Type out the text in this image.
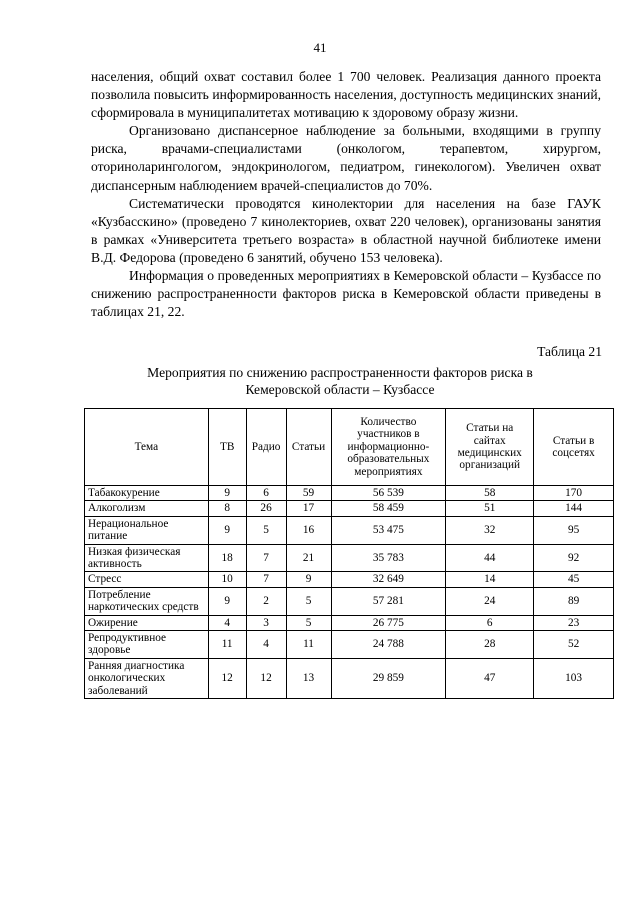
41

населения, общий охват составил более 1 700 человек. Реализация данного проекта позволила повысить информированность населения, доступность медицинских знаний, сформировала в муниципалитетах мотивацию к здоровому образу жизни.

Организовано диспансерное наблюдение за больными, входящими в группу риска, врачами-специалистами (онкологом, терапевтом, хирургом, оториноларингологом, эндокринологом, педиатром, гинекологом). Увеличен охват диспансерным наблюдением врачей-специалистов до 70%.

Систематически проводятся кинолектории для населения на базе ГАУК «Кузбасскино» (проведено 7 кинолекториев, охват 220 человек), организованы занятия в рамках «Университета третьего возраста» в областной научной библиотеке имени В.Д. Федорова (проведено 6 занятий, обучено 153 человека).

Информация о проведенных мероприятиях в Кемеровской области – Кузбассе по снижению распространенности факторов риска в Кемеровской области приведены в таблицах 21, 22.

Таблица 21
Мероприятия по снижению распространенности факторов риска в Кемеровской области – Кузбассе
Тема	ТВ	Радио	Статьи	Количество участников в информационно-образовательных мероприятиях	Статьи на сайтах медицинских организаций	Статьи в соцсетях
Табакокурение	9	6	59	56 539	58	170
Алкоголизм	8	26	17	58 459	51	144
Нерациональное питание	9	5	16	53 475	32	95
Низкая физическая активность	18	7	21	35 783	44	92
Стресс	10	7	9	32 649	14	45
Потребление наркотических средств	9	2	5	57 281	24	89
Ожирение	4	3	5	26 775	6	23
Репродуктивное здоровье	11	4	11	24 788	28	52
Ранняя диагностика онкологических заболеваний	12	12	13	29 859	47	103
